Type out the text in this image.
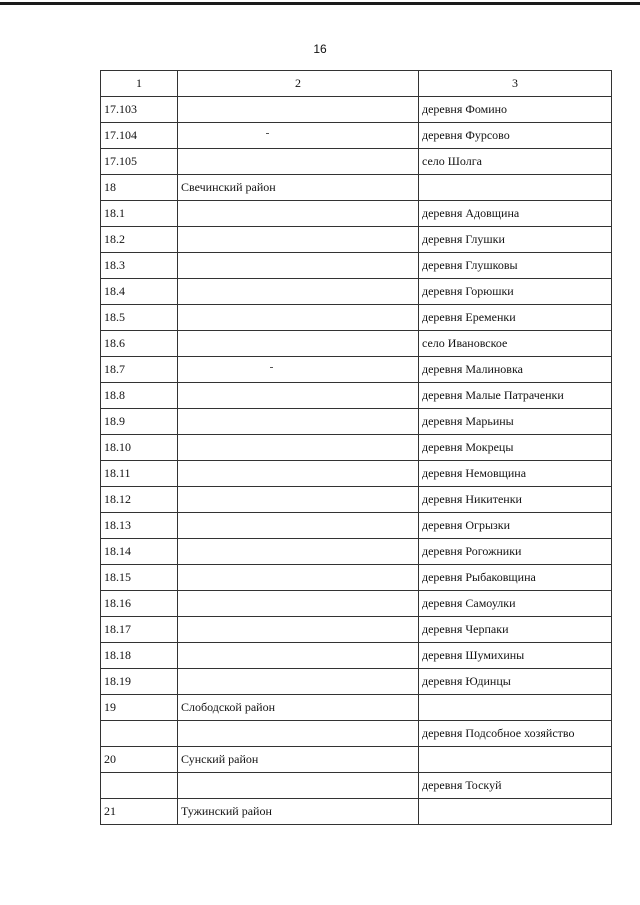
16
1	2	3
17.103		деревня Фомино
17.104		деревня Фурсово
17.105		село Шолга
18	Свечинский район	
18.1		деревня Адовщина
18.2		деревня Глушки
18.3		деревня Глушковы
18.4		деревня Горюшки
18.5		деревня Еременки
18.6		село Ивановское
18.7		деревня Малиновка
18.8		деревня Малые Патраченки
18.9		деревня Марьины
18.10		деревня Мокрецы
18.11		деревня Немовщина
18.12		деревня Никитенки
18.13		деревня Огрызки
18.14		деревня Рогожники
18.15		деревня Рыбаковщина
18.16		деревня Самоулки
18.17		деревня Черпаки
18.18		деревня Шумихины
18.19		деревня Юдинцы
19	Слободской район	
		деревня Подсобное хозяйство
20	Сунский район	
		деревня Тоскуй
21	Тужинский район	
